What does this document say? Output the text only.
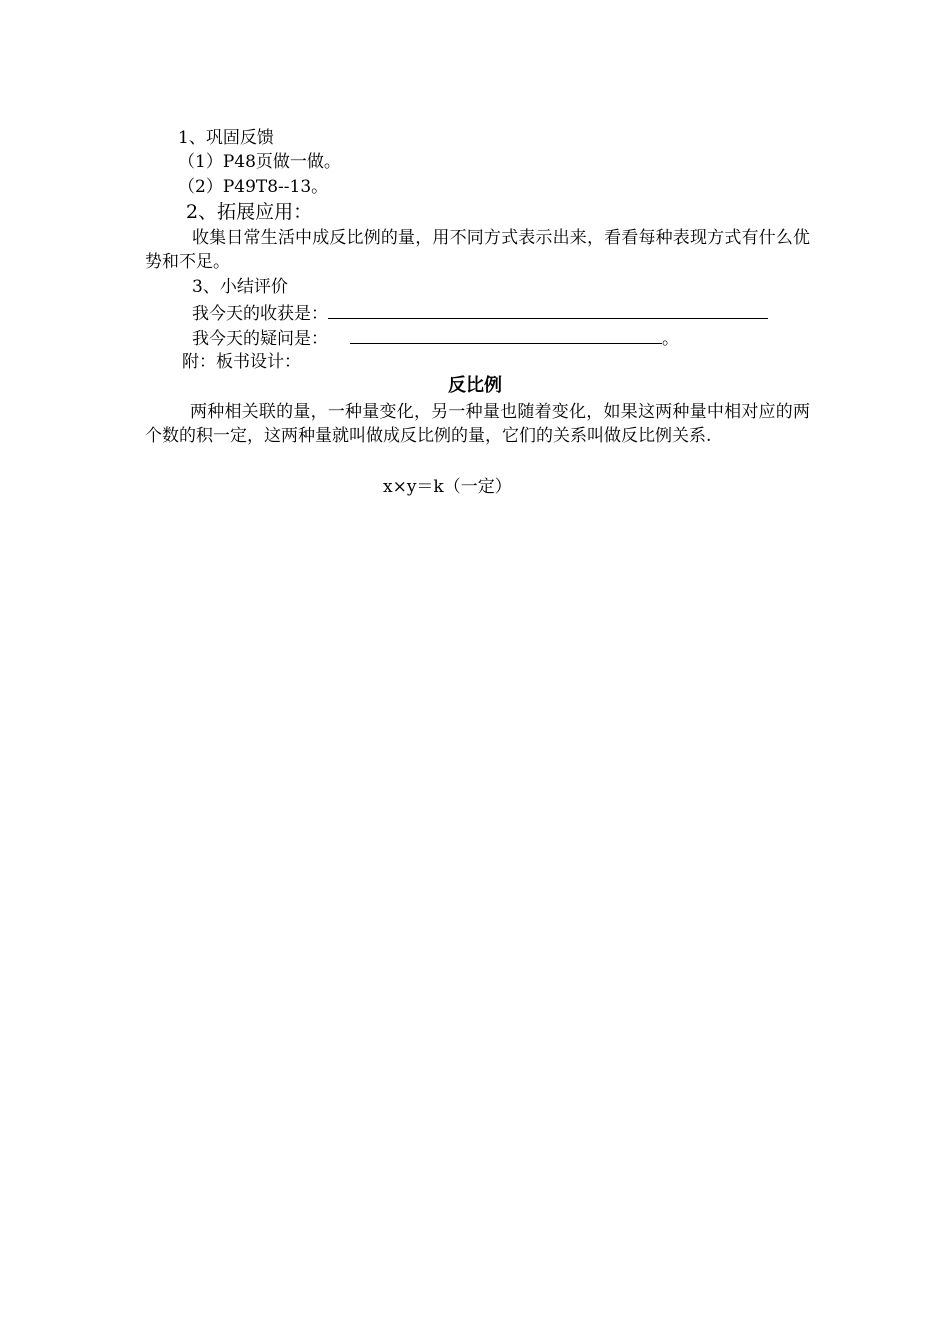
1、巩固反馈
（1）P48页做一做。
（2）P49T8--13。
2、拓展应用：
收集日常生活中成反比例的量，用不同方式表示出来，看看每种表现方式有什么优势和不足。
3、小结评价
我今天的收获是：
我今天的疑问是：	。
附：板书设计：
反比例
两种相关联的量，一种量变化，另一种量也随着变化，如果这两种量中相对应的两个数的积一定，这两种量就叫做成反比例的量，它们的关系叫做反比例关系.
x×y＝k（一定）
